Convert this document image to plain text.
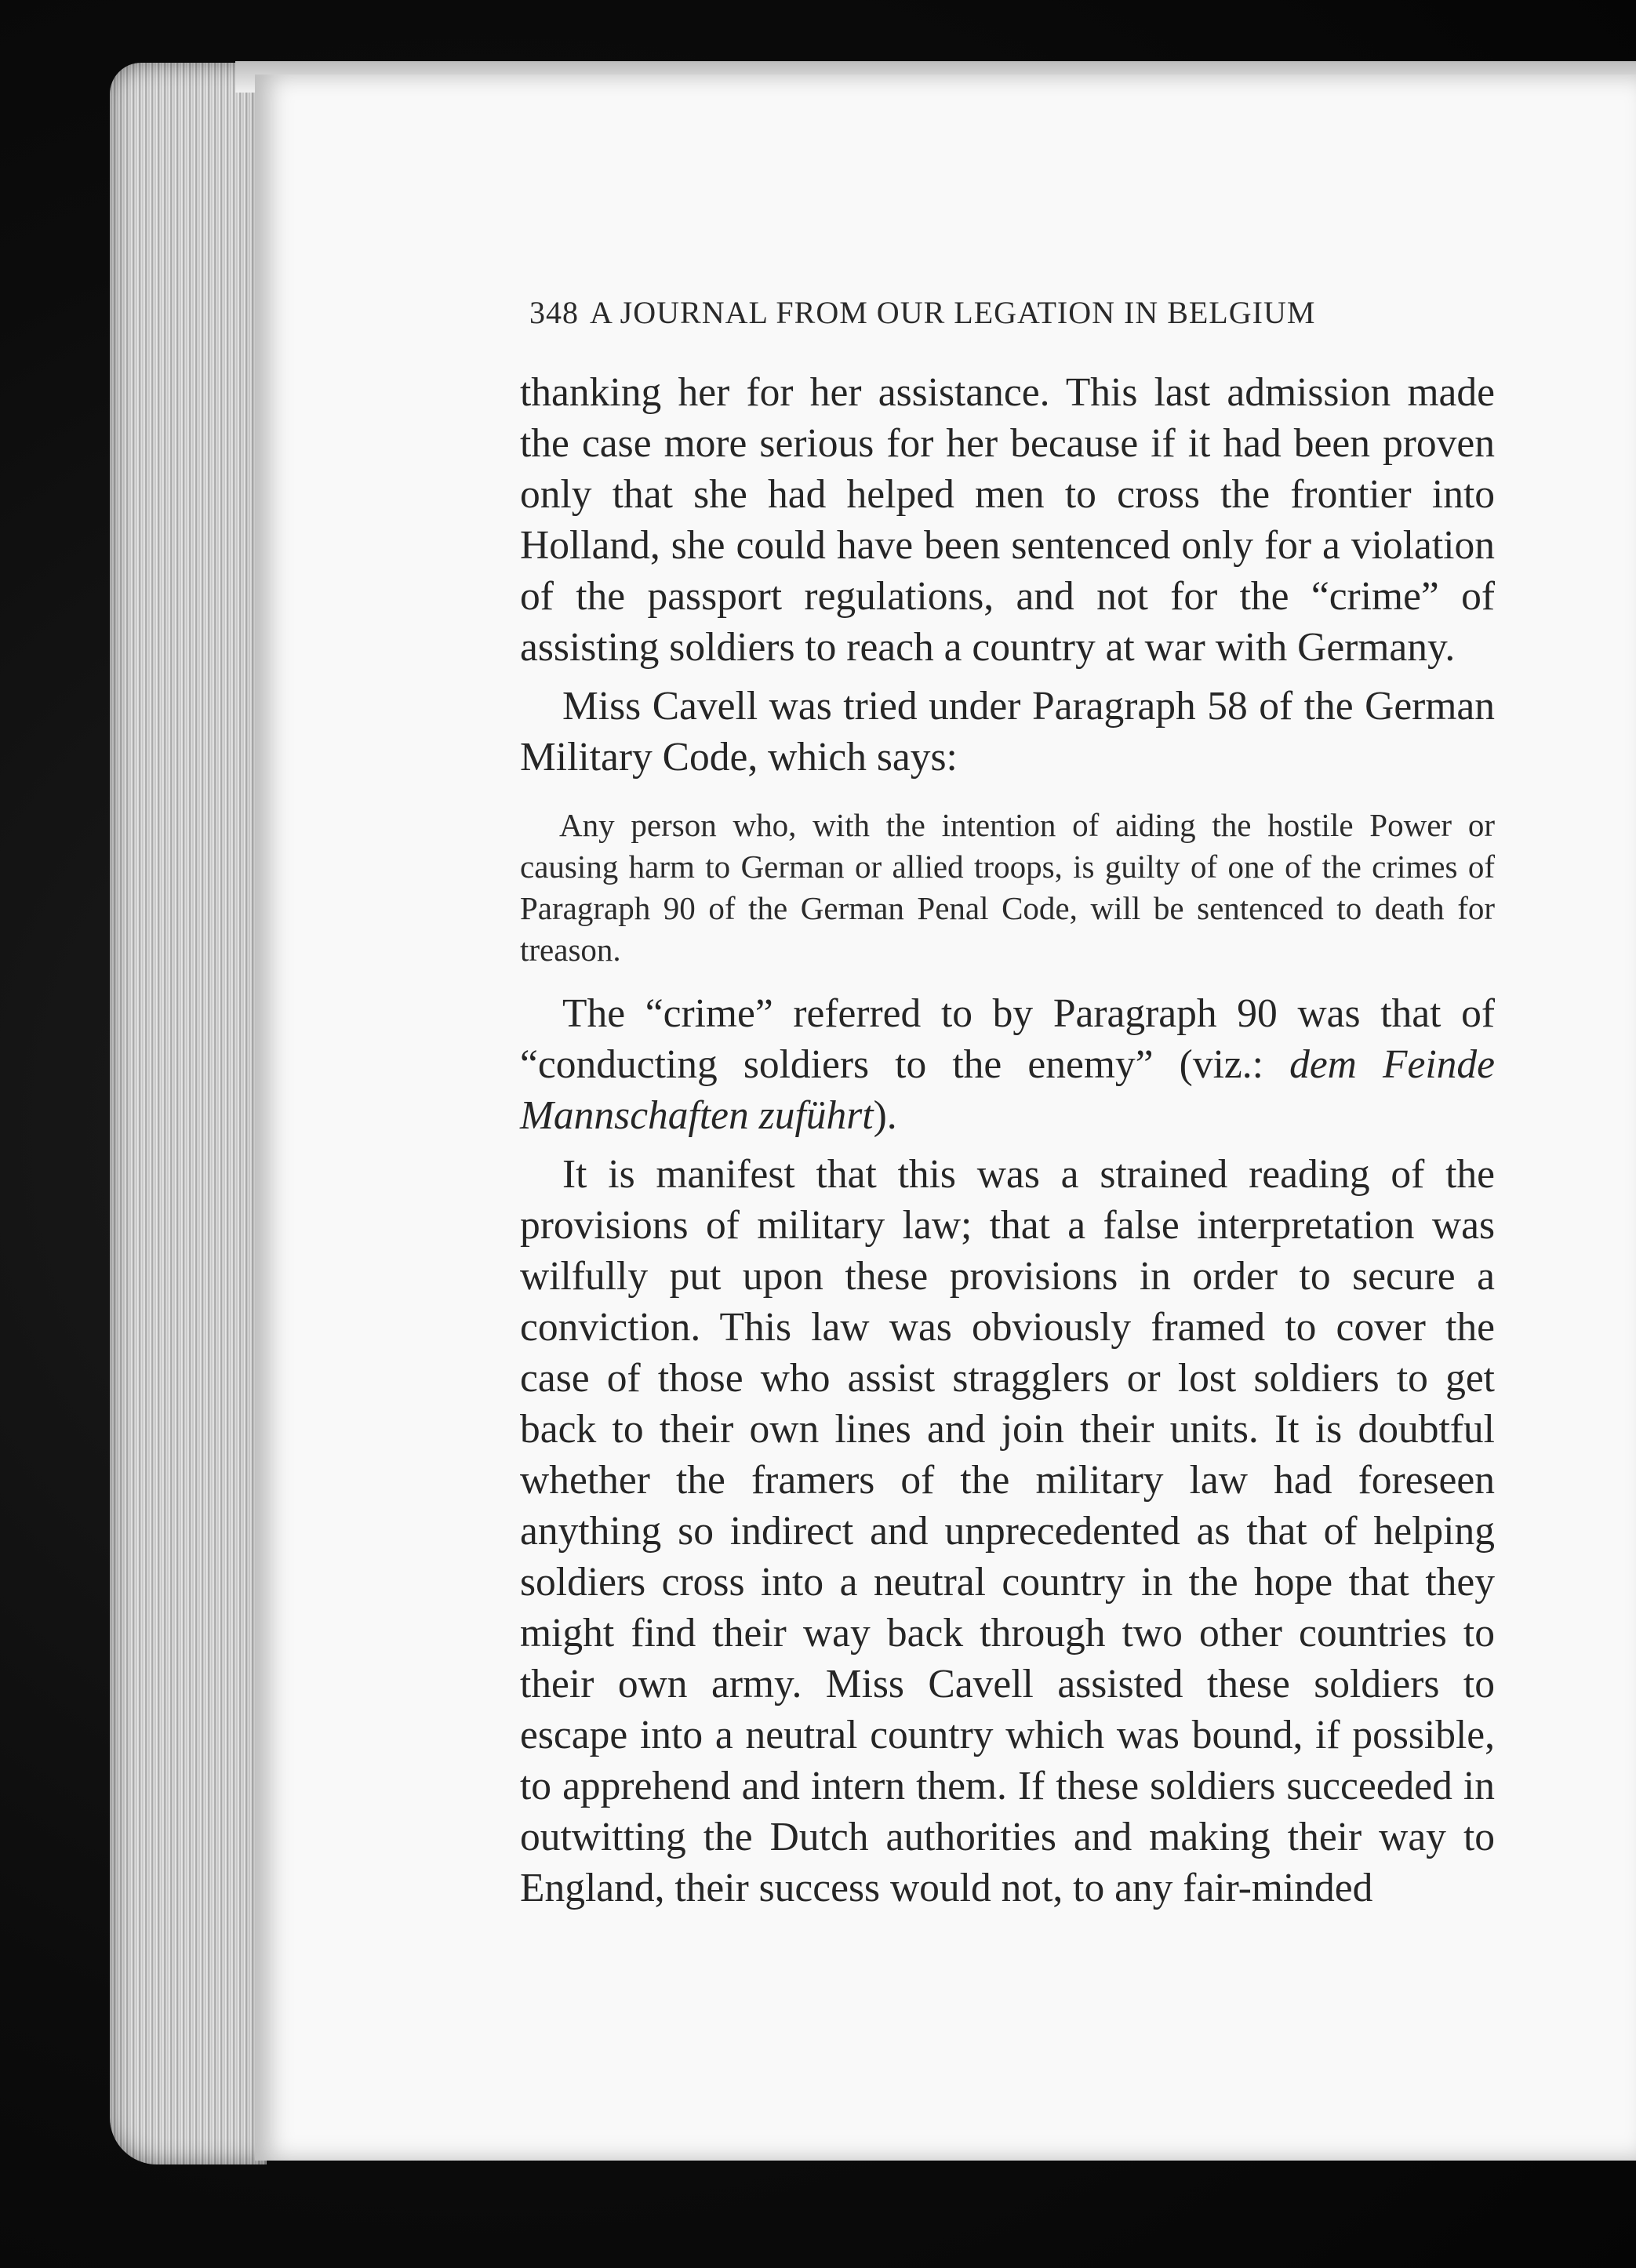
348 A JOURNAL FROM OUR LEGATION IN BELGIUM

thanking her for her assistance. This last admission made the case more serious for her because if it had been proven only that she had helped men to cross the frontier into Holland, she could have been sentenced only for a violation of the passport regulations, and not for the “crime” of assisting soldiers to reach a country at war with Germany.

Miss Cavell was tried under Paragraph 58 of the German Military Code, which says:

Any person who, with the intention of aiding the hostile Power or causing harm to German or allied troops, is guilty of one of the crimes of Paragraph 90 of the German Penal Code, will be sentenced to death for treason.

The “crime” referred to by Paragraph 90 was that of “conducting soldiers to the enemy” (viz.: dem Feinde Mannschaften zuführt).

It is manifest that this was a strained reading of the provisions of military law; that a false interpretation was wilfully put upon these provisions in order to secure a conviction. This law was obviously framed to cover the case of those who assist stragglers or lost soldiers to get back to their own lines and join their units. It is doubtful whether the framers of the military law had foreseen anything so indirect and unprecedented as that of helping soldiers cross into a neutral country in the hope that they might find their way back through two other countries to their own army. Miss Cavell assisted these soldiers to escape into a neutral country which was bound, if possible, to apprehend and intern them. If these soldiers succeeded in outwitting the Dutch authorities and making their way to England, their success would not, to any fair-minded
